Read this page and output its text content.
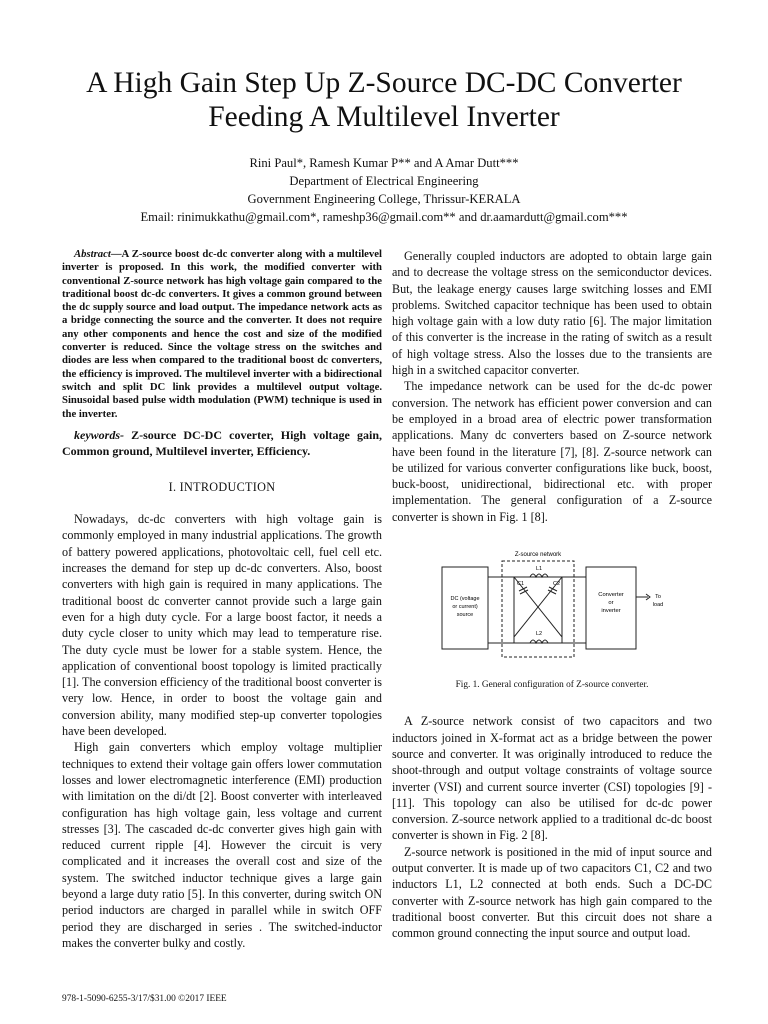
A High Gain Step Up Z-Source DC-DC Converter
Feeding A Multilevel Inverter
Rini Paul*, Ramesh Kumar P** and A Amar Dutt***
Department of Electrical Engineering
Government Engineering College, Thrissur-KERALA
Email: rinimukkathu@gmail.com*, rameshp36@gmail.com** and dr.aamardutt@gmail.com***

Abstract—A Z-source boost dc-dc converter along with a multilevel inverter is proposed. In this work, the modified converter with conventional Z-source network has high voltage gain compared to the traditional boost dc-dc converters. It gives a common ground between the dc supply source and load output. The impedance network acts as a bridge connecting the source and the converter. It does not require any other components and hence the cost and size of the modified converter is reduced. Since the voltage stress on the switches and diodes are less when compared to the traditional boost dc converters, the efficiency is improved. The multilevel inverter with a bidirectional switch and split DC link provides a multilevel output voltage. Sinusoidal based pulse width modulation (PWM) technique is used in the inverter.

keywords- Z-source DC-DC coverter, High voltage gain, Common ground, Multilevel inverter, Efficiency.

I. INTRODUCTION

Nowadays, dc-dc converters with high voltage gain is commonly employed in many industrial applications. The growth of battery powered applications, photovoltaic cell, fuel cell etc. increases the demand for step up dc-dc converters. Also, boost converters with high gain is required in many applications. The traditional boost dc converter cannot provide such a large gain even for a high duty cycle. For a large boost factor, it needs a duty cycle closer to unity which may lead to temperature rise. The duty cycle must be lower for a stable system. Hence, the application of conventional boost topology is limited practically [1]. The conversion efficiency of the traditional boost converter is very low. Hence, in order to boost the voltage gain and conversion ability, many modified step-up converter topologies have been developed.

High gain converters which employ voltage multiplier techniques to extend their voltage gain offers lower commutation losses and lower electromagnetic interference (EMI) production with limitation on the di/dt [2]. Boost converter with interleaved configuration has high voltage gain, less voltage and current stresses [3]. The cascaded dc-dc converter gives high gain with reduced current ripple [4]. However the circuit is very complicated and it increases the overall cost and size of the system. The switched inductor technique gives a large gain beyond a large duty ratio [5]. In this converter, during switch ON period inductors are charged in parallel while in switch OFF period they are discharged in series . The switched-inductor makes the converter bulky and costly.

Generally coupled inductors are adopted to obtain large gain and to decrease the voltage stress on the semiconductor devices. But, the leakage energy causes large switching losses and EMI problems. Switched capacitor technique has been used to obtain high voltage gain with a low duty ratio [6]. The major limitation of this converter is the increase in the rating of switch as a result of high voltage stress. Also the losses due to the transients are high in a switched capacitor converter.

The impedance network can be used for the dc-dc power conversion. The network has efficient power conversion and can be employed in a broad area of electric power transformation applications. Many dc converters based on Z-source network have been found in the literature [7], [8]. Z-source network can be utilized for various converter configurations like buck, boost, buck-boost, unidirectional, bidirectional etc. with proper implementation. The general configuration of a Z-source converter is shown in Fig. 1 [8].

Z-source network
DC (voltage
or current)
source
Converter
or
inverter
To
load
L1
L2
C1	C2

Fig. 1. General configuration of Z-source converter.

A Z-source network consist of two capacitors and two inductors joined in X-format act as a bridge between the power source and converter. It was originally introduced to reduce the shoot-through and output voltage constraints of voltage source inverter (VSI) and current source inverter (CSI) topologies [9] - [11]. This topology can also be utilised for dc-dc power conversion. Z-source network applied to a traditional dc-dc boost converter is shown in Fig. 2 [8].

Z-source network is positioned in the mid of input source and output converter. It is made up of two capacitors C1, C2 and two inductors L1, L2 connected at both ends. Such a DC-DC converter with Z-source network has high gain compared to the traditional boost converter. But this circuit does not share a common ground connecting the input source and output load.

978-1-5090-6255-3/17/$31.00 ©2017 IEEE
